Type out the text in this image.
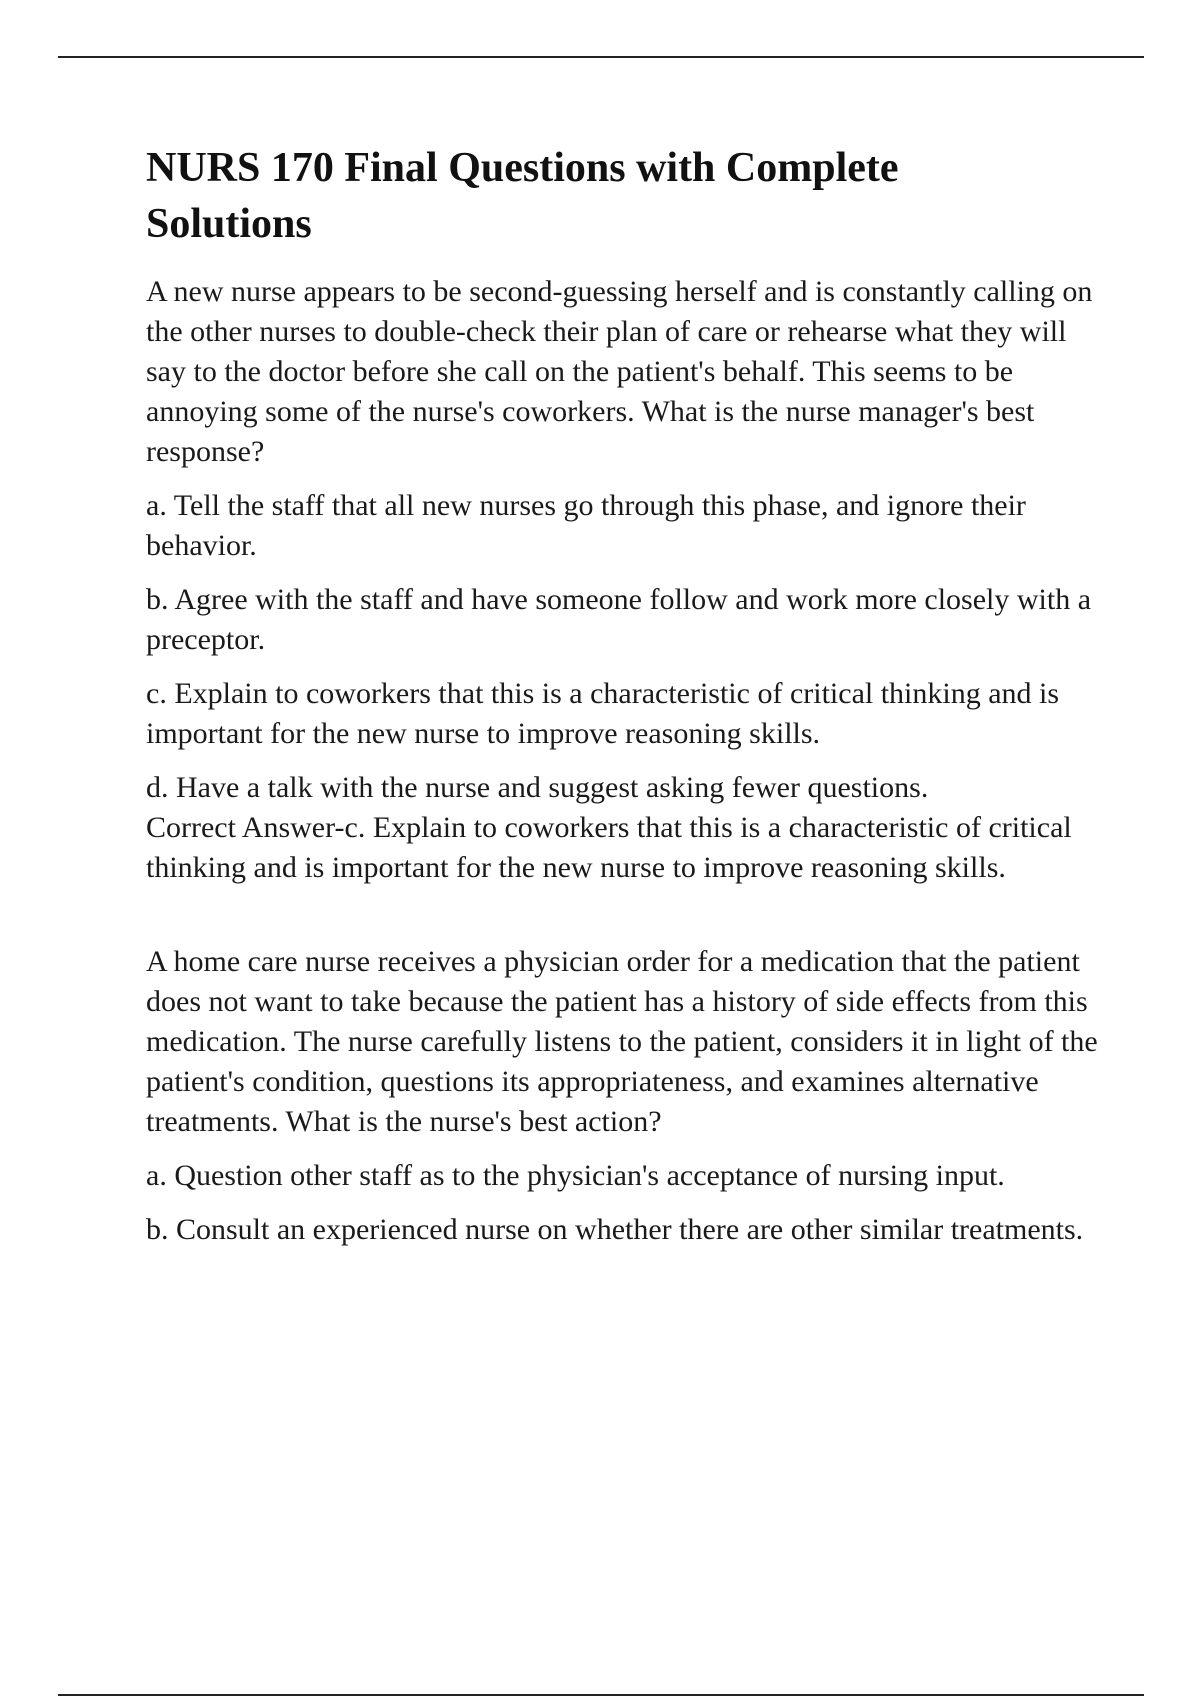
NURS 170 Final Questions with Complete Solutions

A new nurse appears to be second-guessing herself and is constantly calling on the other nurses to double-check their plan of care or rehearse what they will say to the doctor before she call on the patient's behalf. This seems to be annoying some of the nurse's coworkers. What is the nurse manager's best response?

a. Tell the staff that all new nurses go through this phase, and ignore their behavior.

b. Agree with the staff and have someone follow and work more closely with a preceptor.

c. Explain to coworkers that this is a characteristic of critical thinking and is important for the new nurse to improve reasoning skills.

d. Have a talk with the nurse and suggest asking fewer questions.
Correct Answer-c. Explain to coworkers that this is a characteristic of critical thinking and is important for the new nurse to improve reasoning skills.

A home care nurse receives a physician order for a medication that the patient does not want to take because the patient has a history of side effects from this medication. The nurse carefully listens to the patient, considers it in light of the patient's condition, questions its appropriateness, and examines alternative treatments. What is the nurse's best action?

a. Question other staff as to the physician's acceptance of nursing input.

b. Consult an experienced nurse on whether there are other similar treatments.
